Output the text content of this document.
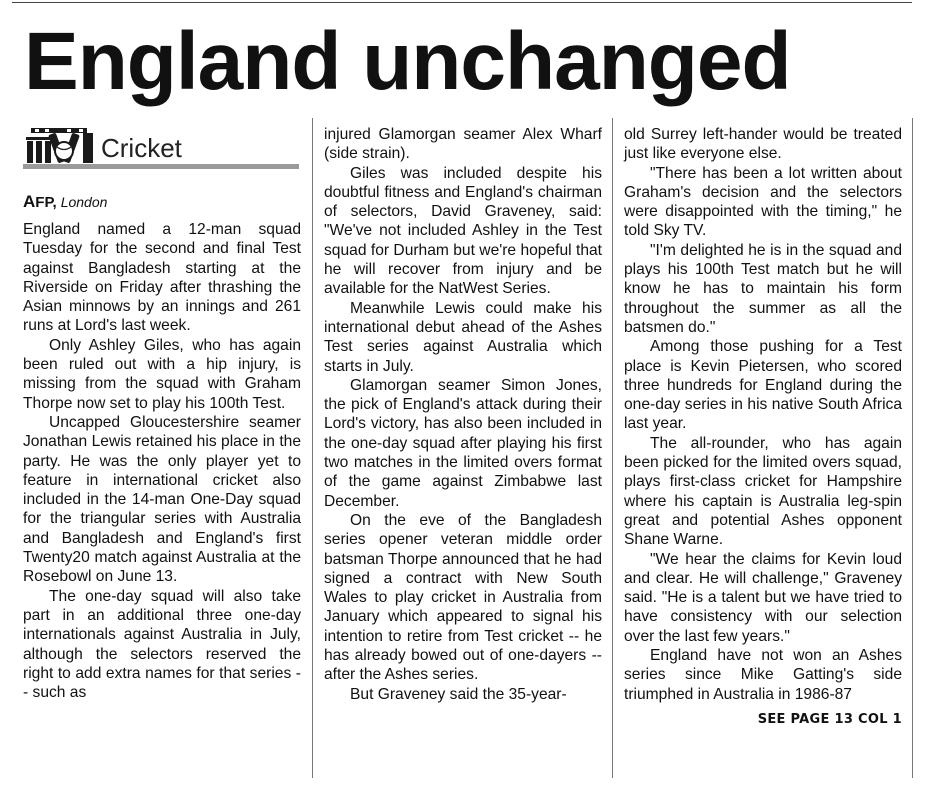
England unchanged
Cricket
AFP, London

England named a 12-man squad Tuesday for the second and final Test against Bangladesh starting at the Riverside on Friday after thrashing the Asian minnows by an innings and 261 runs at Lord's last week.

Only Ashley Giles, who has again been ruled out with a hip injury, is missing from the squad with Graham Thorpe now set to play his 100th Test.

Uncapped Gloucestershire seamer Jonathan Lewis retained his place in the party. He was the only player yet to feature in international cricket also included in the 14-man One-Day squad for the triangular series with Australia and Bangladesh and England's first Twenty20 match against Australia at the Rosebowl on June 13.

The one-day squad will also take part in an additional three one-day internationals against Australia in July, although the selectors reserved the right to add extra names for that series -- such as

injured Glamorgan seamer Alex Wharf (side strain).

Giles was included despite his doubtful fitness and England's chairman of selectors, David Graveney, said: "We've not included Ashley in the Test squad for Durham but we're hopeful that he will recover from injury and be available for the NatWest Series.

Meanwhile Lewis could make his international debut ahead of the Ashes Test series against Australia which starts in July.

Glamorgan seamer Simon Jones, the pick of England's attack during their Lord's victory, has also been included in the one-day squad after playing his first two matches in the limited overs format of the game against Zimbabwe last December.

On the eve of the Bangladesh series opener veteran middle order batsman Thorpe announced that he had signed a contract with New South Wales to play cricket in Australia from January which appeared to signal his intention to retire from Test cricket -- he has already bowed out of one-dayers -- after the Ashes series.

But Graveney said the 35-year-

old Surrey left-hander would be treated just like everyone else.

"There has been a lot written about Graham's decision and the selectors were disappointed with the timing," he told Sky TV.

"I'm delighted he is in the squad and plays his 100th Test match but he will know he has to maintain his form throughout the summer as all the batsmen do."

Among those pushing for a Test place is Kevin Pietersen, who scored three hundreds for England during the one-day series in his native South Africa last year.

The all-rounder, who has again been picked for the limited overs squad, plays first-class cricket for Hampshire where his captain is Australia leg-spin great and potential Ashes opponent Shane Warne.

"We hear the claims for Kevin loud and clear. He will challenge," Graveney said. "He is a talent but we have tried to have consistency with our selection over the last few years."

England have not won an Ashes series since Mike Gatting's side triumphed in Australia in 1986-87

SEE PAGE 13 COL 1
